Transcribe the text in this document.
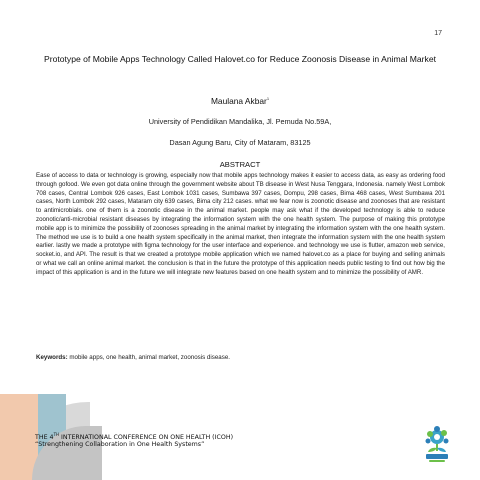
17
Prototype of Mobile Apps Technology Called Halovet.co for Reduce Zoonosis Disease in Animal Market
Maulana Akbar$^1$
University of Pendidikan Mandalika, Jl. Pemuda No.59A,
Dasan Agung Baru, City of Mataram, 83125
ABSTRACT

Ease of access to data or technology is growing, especially now that mobile apps technology makes it easier to access data, as easy as ordering food through gofood. We even got data online through the government website about TB disease in West Nusa Tenggara, Indonesia. namely West Lombok 708 cases, Central Lombok 926 cases, East Lombok 1031 cases, Sumbawa 397 cases, Dompu, 298 cases, Bima 468 cases, West Sumbawa 201 cases, North Lombok 292 cases, Mataram city 639 cases, Bima city 212 cases. what we fear now is zoonotic disease and zoonoses that are resistant to antimicrobials. one of them is a zoonotic disease in the animal market. people may ask what if the developed technology is able to reduce zoonotic/anti-microbial resistant diseases by integrating the information system with the one health system. The purpose of making this prototype mobile app is to minimize the possibility of zoonoses spreading in the animal market by integrating the information system with the one health system. The method we use is to build a one health system specifically in the animal market, then integrate the information system with the one health system earlier. lastly we made a prototype with figma technology for the user interface and experience. and technology we use is flutter, amazon web service, socket.io, and API. The result is that we created a prototype mobile application which we named halovet.co as a place for buying and selling animals or what we call an online animal market. the conclusion is that in the future the prototype of this application needs public testing to find out how big the impact of this application is and in the future we will integrate new features based on one health system and to minimize the possibility of AMR.

Keywords: mobile apps, one health, animal market, zoonosis disease.
THE 4TH INTERNATIONAL CONFERENCE ON ONE HEALTH (ICOH)
“Strengthening Collaboration in One Health Systems”
